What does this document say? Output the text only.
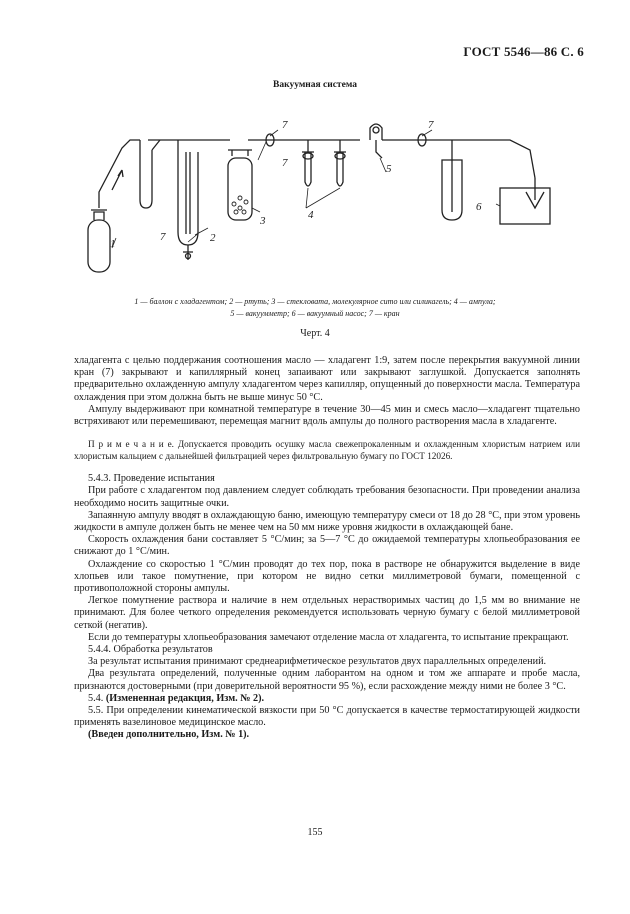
ГОСТ 5546—86 С. 6
Вакуумная система
1
7	2
3
7
7
4
5
7
6
1 — баллон с хладагентом; 2 — ртуть; 3 — стекловата, молекулярное сито или силикагель; 4 — ампула;
5 — вакуумметр; 6 — вакуумный насос; 7 — кран
Черт. 4

хладагента с целью поддержания соотношения масло — хладагент 1:9, затем после перекрытия вакуумной линии кран (7) закрывают и капиллярный конец запаивают или закрывают заглушкой. Допускается заполнять предварительно охлажденную ампулу хладагентом через капилляр, опущенный до поверхности масла. Температура охлаждения при этом должна быть не выше минус 50 °C.

Ампулу выдерживают при комнатной температуре в течение 30—45 мин и смесь масло—хладагент тщательно встряхивают или перемешивают, перемещая магнит вдоль ампулы до полного растворения масла в хладагенте.

П р и м е ч а н и е. Допускается проводить осушку масла свежепрокаленным и охлажденным хлористым натрием или хлористым кальцием с дальнейшей фильтрацией через фильтровальную бумагу по ГОСТ 12026.

5.4.3. Проведение испытания

При работе с хладагентом под давлением следует соблюдать требования безопасности. При проведении анализа необходимо носить защитные очки.

Запаянную ампулу вводят в охлаждающую баню, имеющую температуру смеси от 18 до 28 °C, при этом уровень жидкости в ампуле должен быть не менее чем на 50 мм ниже уровня жидкости в охлаждающей бане.

Скорость охлаждения бани составляет 5 °C/мин; за 5—7 °C до ожидаемой температуры хлопьеобразования ее снижают до 1 °C/мин.

Охлаждение со скоростью 1 °C/мин проводят до тех пор, пока в растворе не обнаружится выделение в виде хлопьев или такое помутнение, при котором не видно сетки миллиметровой бумаги, помещенной с противоположной стороны ампулы.

Легкое помутнение раствора и наличие в нем отдельных нерастворимых частиц до 1,5 мм во внимание не принимают. Для более четкого определения рекомендуется использовать черную бумагу с белой миллиметровой сеткой (негатив).

Если до температуры хлопьеобразования замечают отделение масла от хладагента, то испытание прекращают.

5.4.4. Обработка результатов

За результат испытания принимают среднеарифметическое результатов двух параллельных определений.

Два результата определений, полученные одним лаборантом на одном и том же аппарате и пробе масла, признаются достоверными (при доверительной вероятности 95 %), если расхождение между ними не более 3 °C.

5.4. (Измененная редакция, Изм. № 2).

5.5. При определении кинематической вязкости при 50 °C допускается в качестве термостатирующей жидкости применять вазелиновое медицинское масло.

(Введен дополнительно, Изм. № 1).

155
